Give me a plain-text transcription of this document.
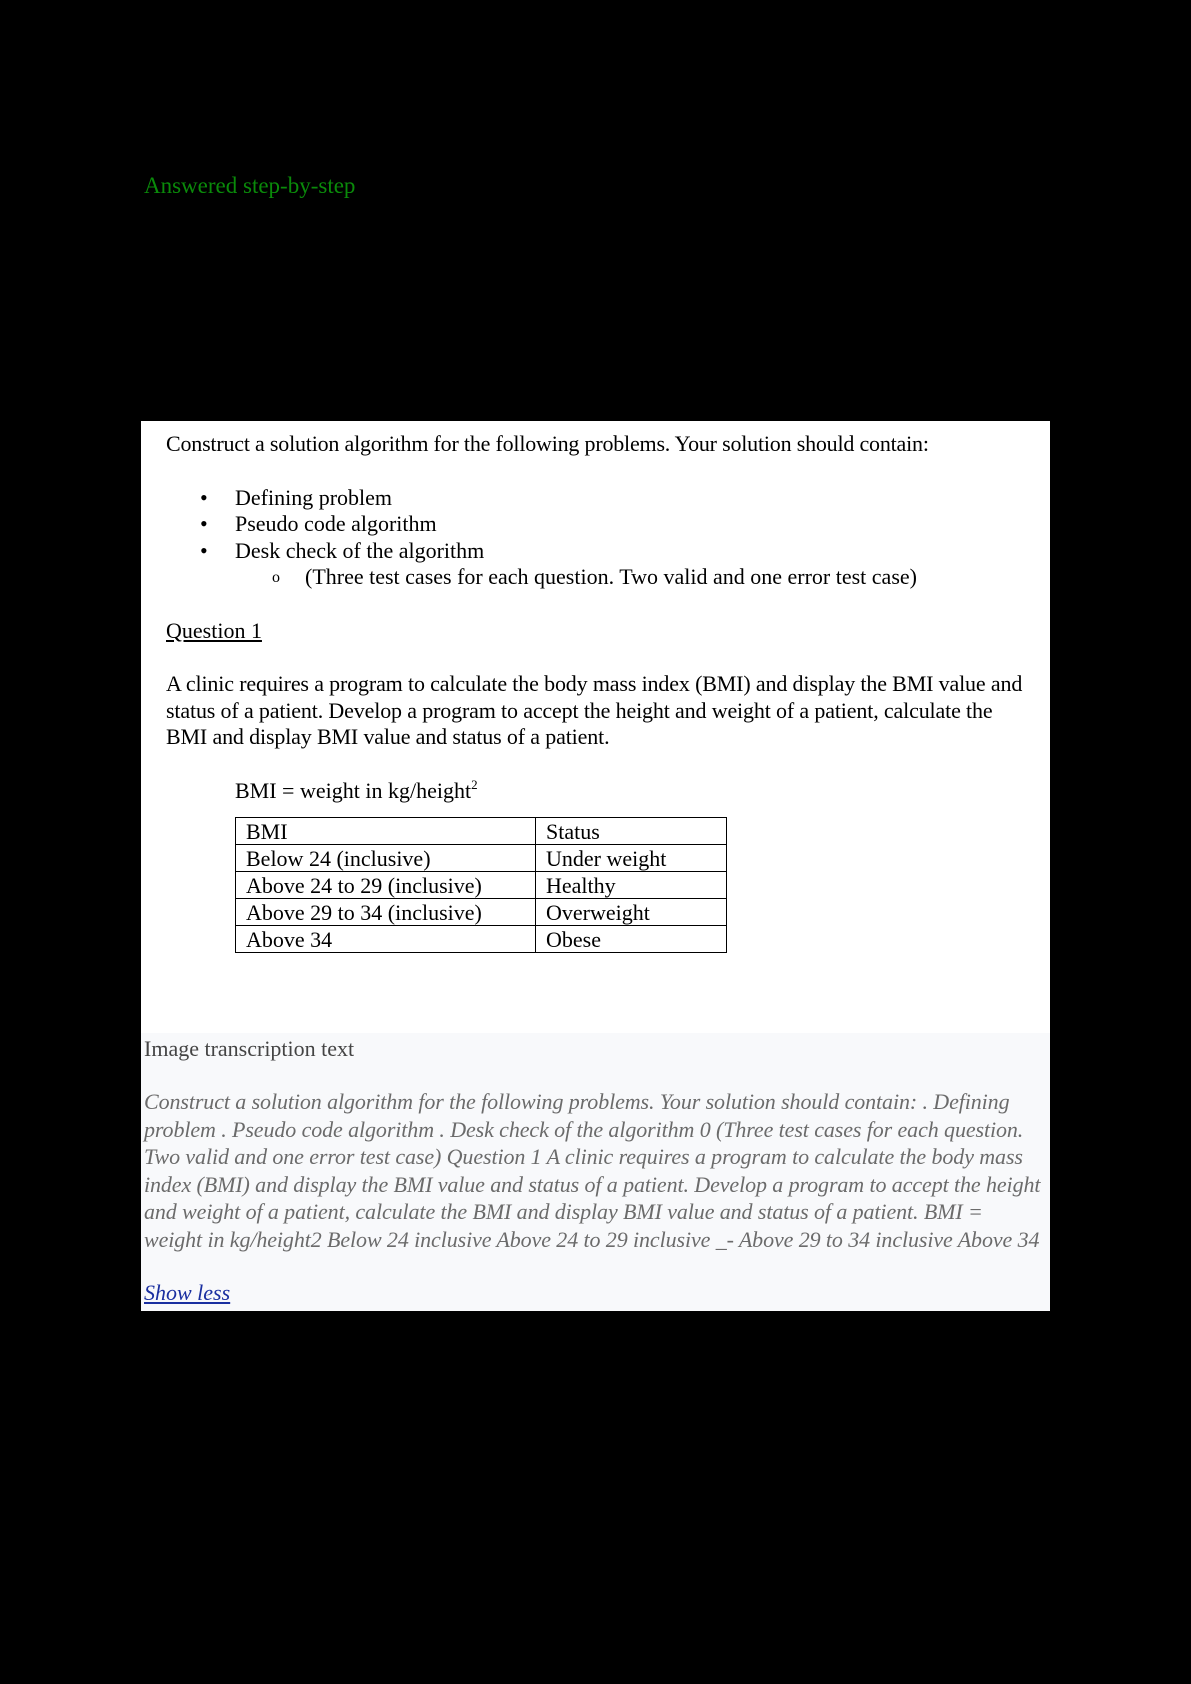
Answered step-by-step

Construct a solution algorithm for the following problems. Your solution should contain:

• Defining problem
• Pseudo code algorithm
• Desk check of the algorithm
o (Three test cases for each question. Two valid and one error test case)

Question 1

A clinic requires a program to calculate the body mass index (BMI) and display the BMI value and status of a patient. Develop a program to accept the height and weight of a patient, calculate the BMI and display BMI value and status of a patient.

BMI = weight in kg/height$^2$

BMI	Status
Below 24 (inclusive)	Under weight
Above 24 to 29 (inclusive)	Healthy
Above 29 to 34 (inclusive)	Overweight
Above 34	Obese
Image transcription text

Construct a solution algorithm for the following problems. Your solution should contain: . Defining problem . Pseudo code algorithm . Desk check of the algorithm 0 (Three test cases for each question. Two valid and one error test case) Question 1 A clinic requires a program to calculate the body mass index (BMI) and display the BMI value and status of a patient. Develop a program to accept the height and weight of a patient, calculate the BMI and display BMI value and status of a patient. BMI = weight in kg/height2 Below 24 inclusive Above 24 to 29 inclusive _- Above 29 to 34 inclusive Above 34

Show less
